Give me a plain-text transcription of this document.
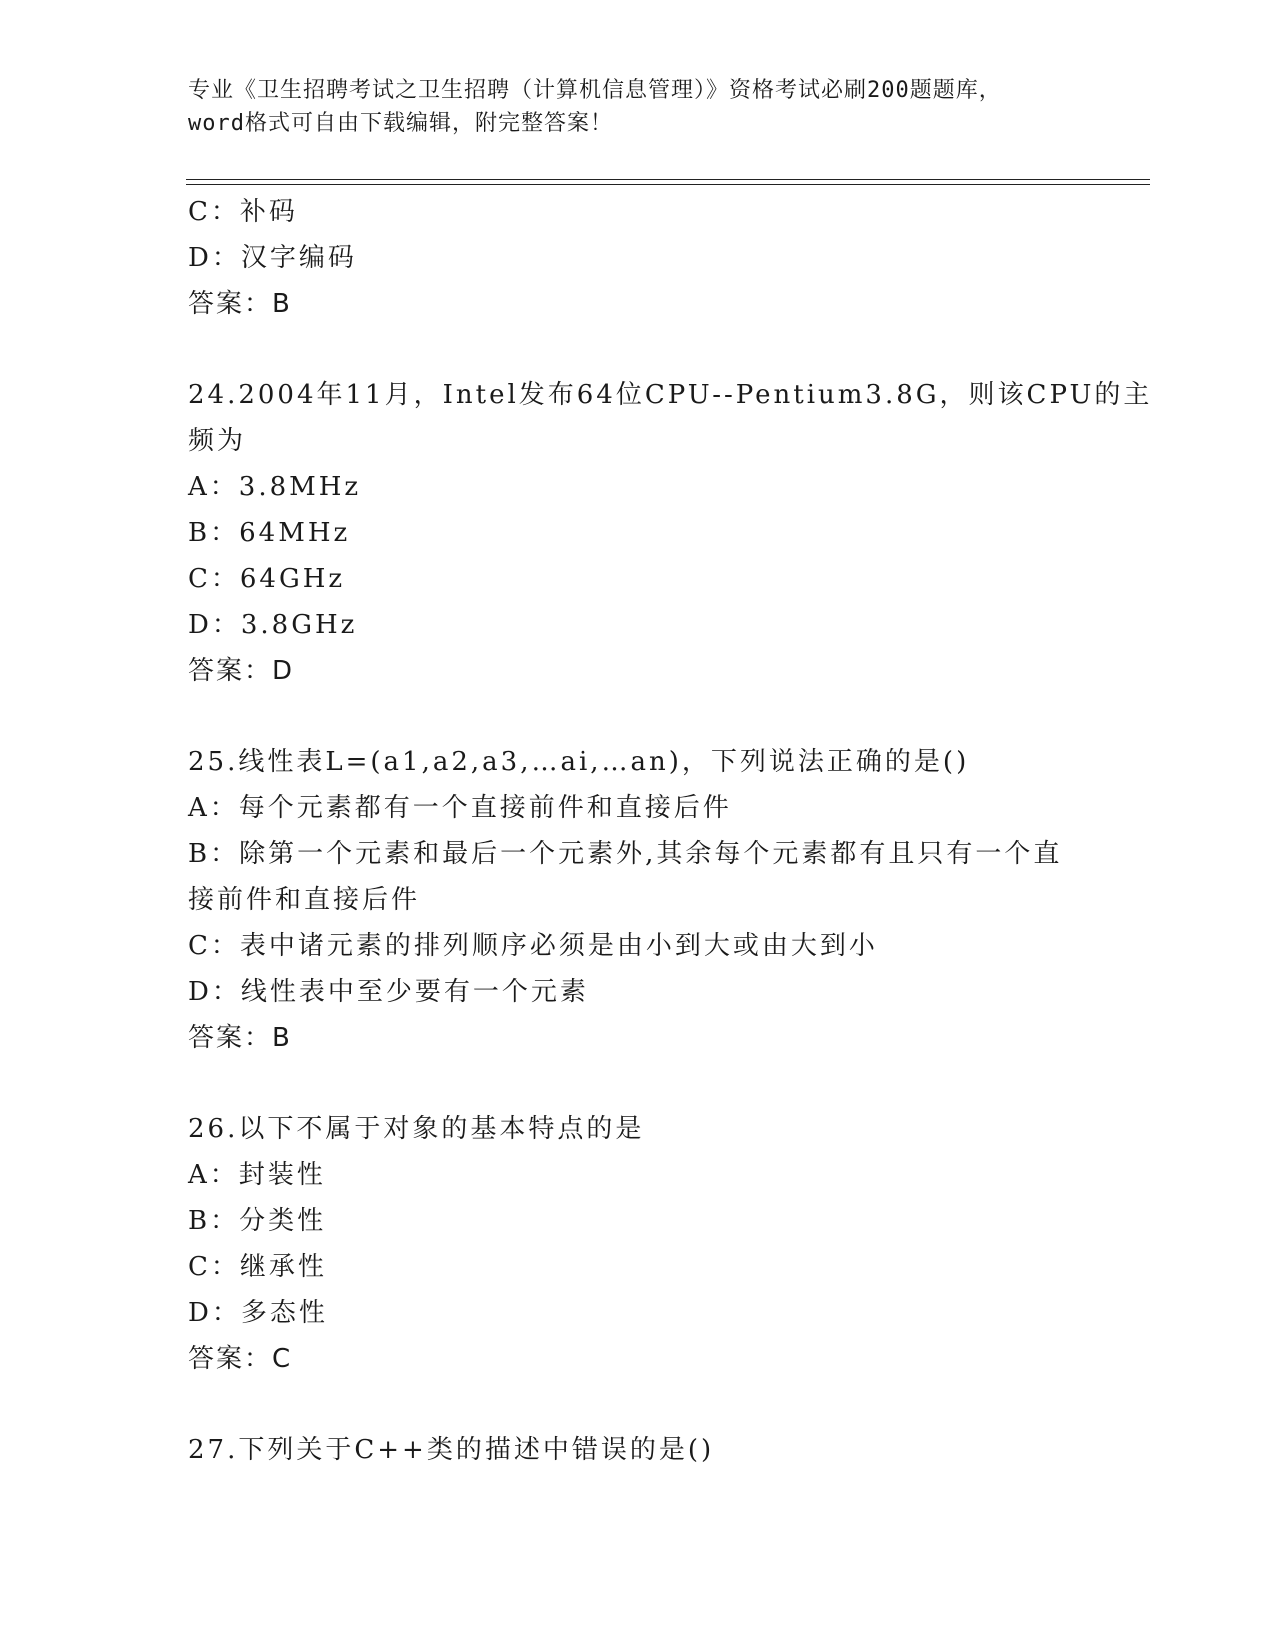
专业《卫生招聘考试之卫生招聘（计算机信息管理）》资格考试必刷200题题库，
word格式可自由下载编辑，附完整答案！
C：补码
D：汉字编码
答案：B
24.2004年11月，Intel发布64位CPU--Pentium3.8G，则该CPU的主
频为
A：3.8MHz
B：64MHz
C：64GHz
D：3.8GHz
答案：D
25.线性表L=(a1,a2,a3,…ai,…an)，下列说法正确的是()
A：每个元素都有一个直接前件和直接后件
B：除第一个元素和最后一个元素外,其余每个元素都有且只有一个直
接前件和直接后件
C：表中诸元素的排列顺序必须是由小到大或由大到小
D：线性表中至少要有一个元素
答案：B
26.以下不属于对象的基本特点的是
A：封装性
B：分类性
C：继承性
D：多态性
答案：C
27.下列关于C++类的描述中错误的是()
